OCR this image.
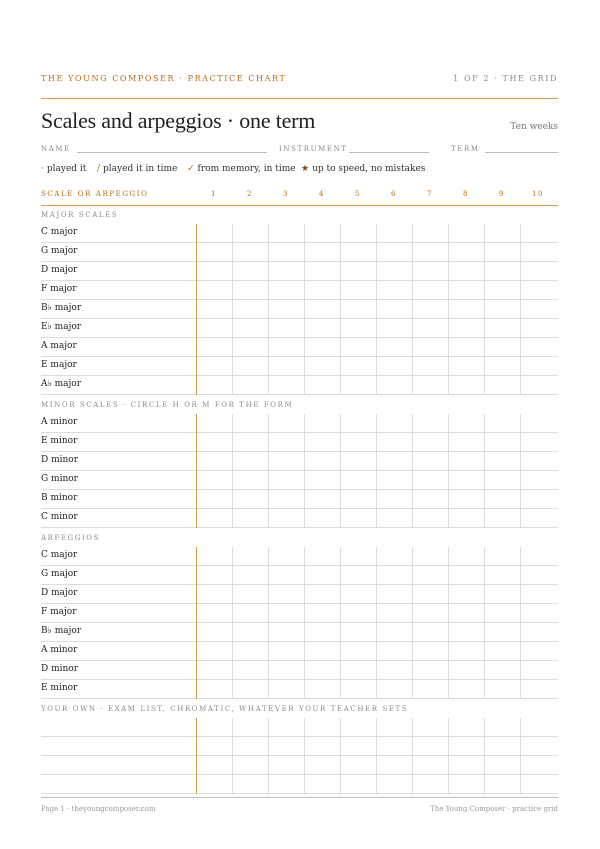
THE YOUNG COMPOSER · PRACTICE CHART	1 OF 2 · THE GRID
Scales and arpeggios · one term	Ten weeks
NAME	INSTRUMENT	TERM
· played it / played it in time ✓ from memory, in time ★ up to speed, no mistakes
SCALE OR ARPEGGIO	1	2	3	4	5	6	7	8	9	10
MAJOR SCALES
C major
G major
D major
F major
B♭ major
E♭ major
A major
E major
A♭ major
MINOR SCALES · CIRCLE H OR M FOR THE FORM
A minor
E minor
D minor
G minor
B minor
C minor
ARPEGGIOS
C major
G major
D major
F major
B♭ major
A minor
D minor
E minor
YOUR OWN · EXAM LIST, CHROMATIC, WHATEVER YOUR TEACHER SETS
Page 1 · theyoungcomposer.com	The Young Composer · practice grid
